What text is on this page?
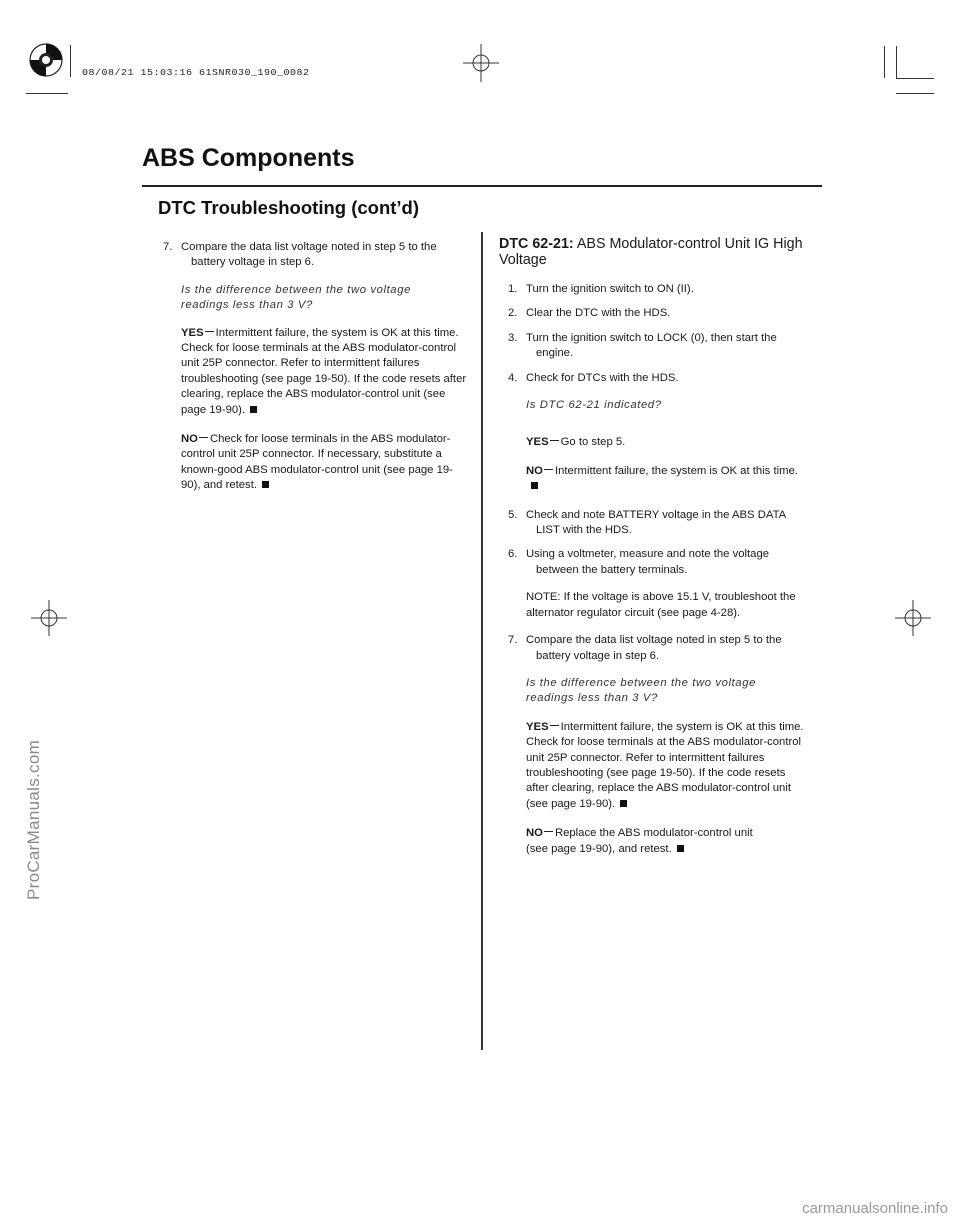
08/08/21 15:03:16 61SNR030_190_0082
ABS Components
DTC Troubleshooting (cont’d)
7. Compare the data list voltage noted in step 5 to the battery voltage in step 6.
Is the difference between the two voltage readings less than 3 V?
YES Intermittent failure, the system is OK at this time. Check for loose terminals at the ABS modulator-control unit 25P connector. Refer to intermittent failures troubleshooting (see page 19-50). If the code resets after clearing, replace the ABS modulator-control unit (see page 19-90).
NO Check for loose terminals in the ABS modulator-control unit 25P connector. If necessary, substitute a known-good ABS modulator-control unit (see page 19-90), and retest.
DTC 62-21: ABS Modulator-control Unit IG High Voltage
1. Turn the ignition switch to ON (II).
2. Clear the DTC with the HDS.
3. Turn the ignition switch to LOCK (0), then start the engine.
4. Check for DTCs with the HDS.
Is DTC 62-21 indicated?
YES Go to step 5.
NO Intermittent failure, the system is OK at this time.
5. Check and note BATTERY voltage in the ABS DATA LIST with the HDS.
6. Using a voltmeter, measure and note the voltage between the battery terminals.
NOTE: If the voltage is above 15.1 V, troubleshoot the alternator regulator circuit (see page 4-28).
7. Compare the data list voltage noted in step 5 to the battery voltage in step 6.
Is the difference between the two voltage readings less than 3 V?
YES Intermittent failure, the system is OK at this time. Check for loose terminals at the ABS modulator-control unit 25P connector. Refer to intermittent failures troubleshooting (see page 19-50). If the code resets after clearing, replace the ABS modulator-control unit (see page 19-90).
NO Replace the ABS modulator-control unit (see page 19-90), and retest.
ProCarManuals.com
carmanualsonline.info
